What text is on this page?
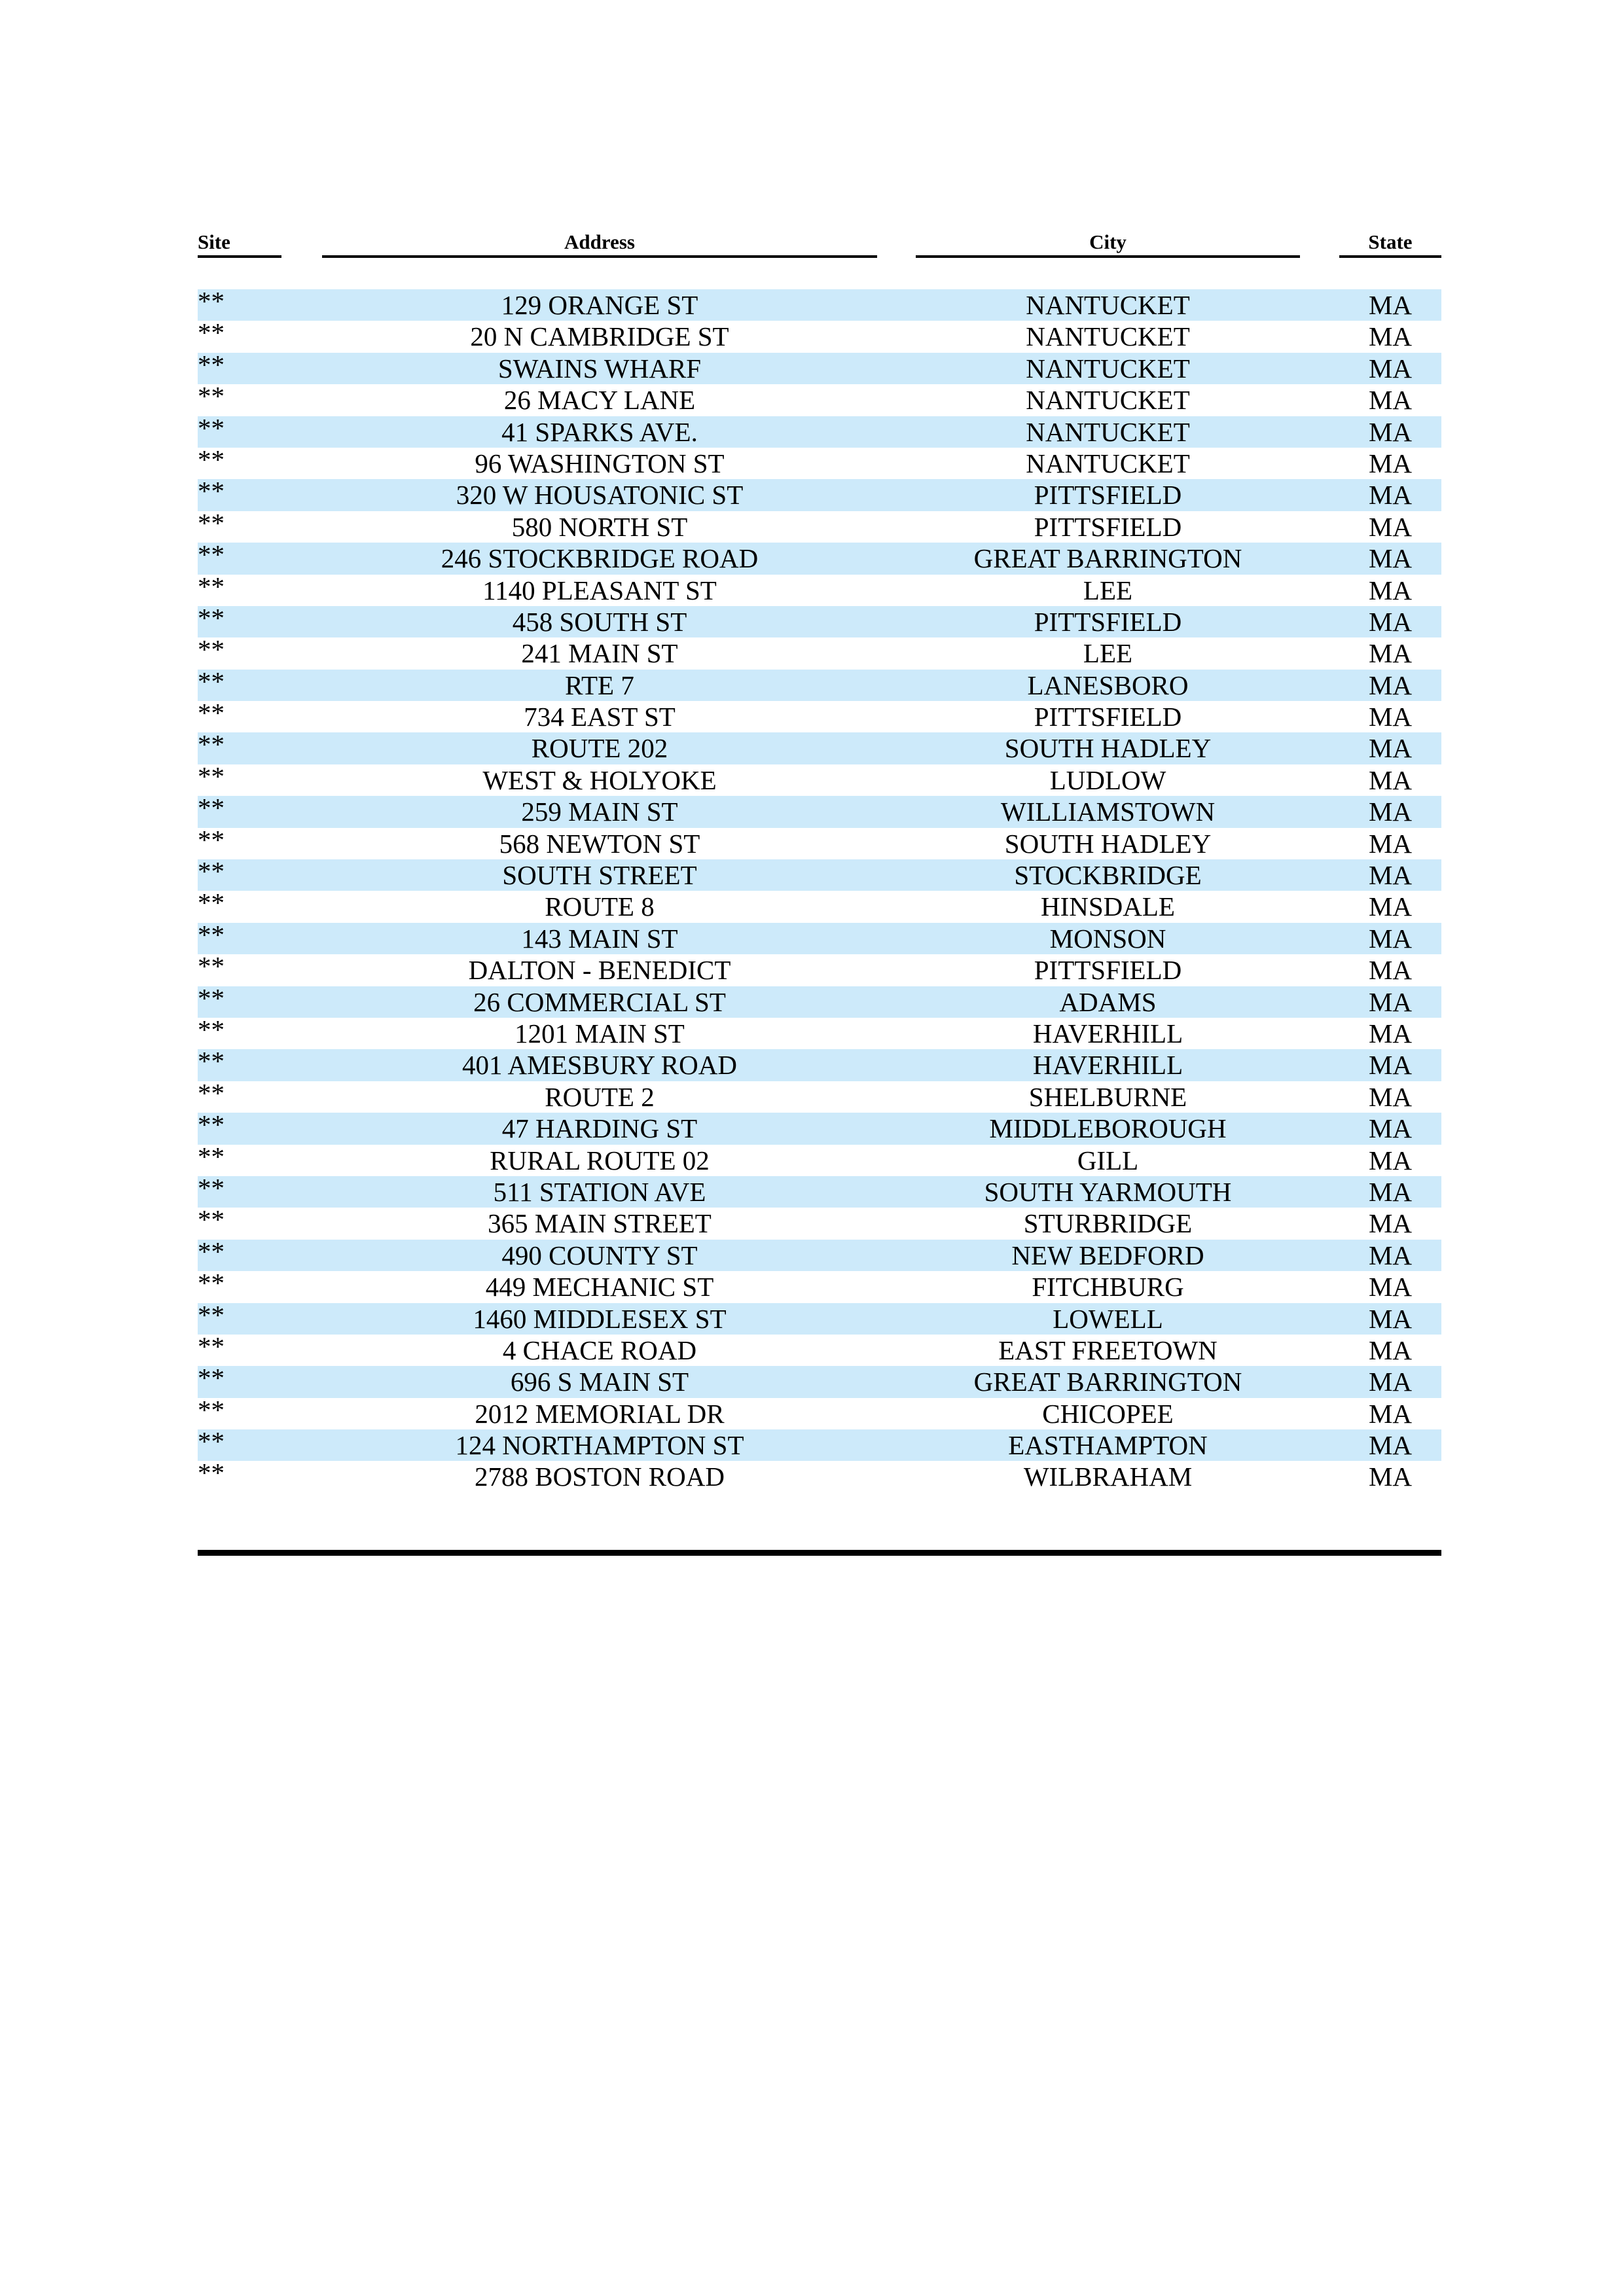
Site	Address	City	State
**	129 ORANGE ST	NANTUCKET	MA
**	20 N CAMBRIDGE ST	NANTUCKET	MA
**	SWAINS WHARF	NANTUCKET	MA
**	26 MACY LANE	NANTUCKET	MA
**	41 SPARKS AVE.	NANTUCKET	MA
**	96 WASHINGTON ST	NANTUCKET	MA
**	320 W HOUSATONIC ST	PITTSFIELD	MA
**	580 NORTH ST	PITTSFIELD	MA
**	246 STOCKBRIDGE ROAD	GREAT BARRINGTON	MA
**	1140 PLEASANT ST	LEE	MA
**	458 SOUTH ST	PITTSFIELD	MA
**	241 MAIN ST	LEE	MA
**	RTE 7	LANESBORO	MA
**	734 EAST ST	PITTSFIELD	MA
**	ROUTE 202	SOUTH HADLEY	MA
**	WEST & HOLYOKE	LUDLOW	MA
**	259 MAIN ST	WILLIAMSTOWN	MA
**	568 NEWTON ST	SOUTH HADLEY	MA
**	SOUTH STREET	STOCKBRIDGE	MA
**	ROUTE 8	HINSDALE	MA
**	143 MAIN ST	MONSON	MA
**	DALTON - BENEDICT	PITTSFIELD	MA
**	26 COMMERCIAL ST	ADAMS	MA
**	1201 MAIN ST	HAVERHILL	MA
**	401 AMESBURY ROAD	HAVERHILL	MA
**	ROUTE 2	SHELBURNE	MA
**	47 HARDING ST	MIDDLEBOROUGH	MA
**	RURAL ROUTE 02	GILL	MA
**	511 STATION AVE	SOUTH YARMOUTH	MA
**	365 MAIN STREET	STURBRIDGE	MA
**	490 COUNTY ST	NEW BEDFORD	MA
**	449 MECHANIC ST	FITCHBURG	MA
**	1460 MIDDLESEX ST	LOWELL	MA
**	4 CHACE ROAD	EAST FREETOWN	MA
**	696 S MAIN ST	GREAT BARRINGTON	MA
**	2012 MEMORIAL DR	CHICOPEE	MA
**	124 NORTHAMPTON ST	EASTHAMPTON	MA
**	2788 BOSTON ROAD	WILBRAHAM	MA
